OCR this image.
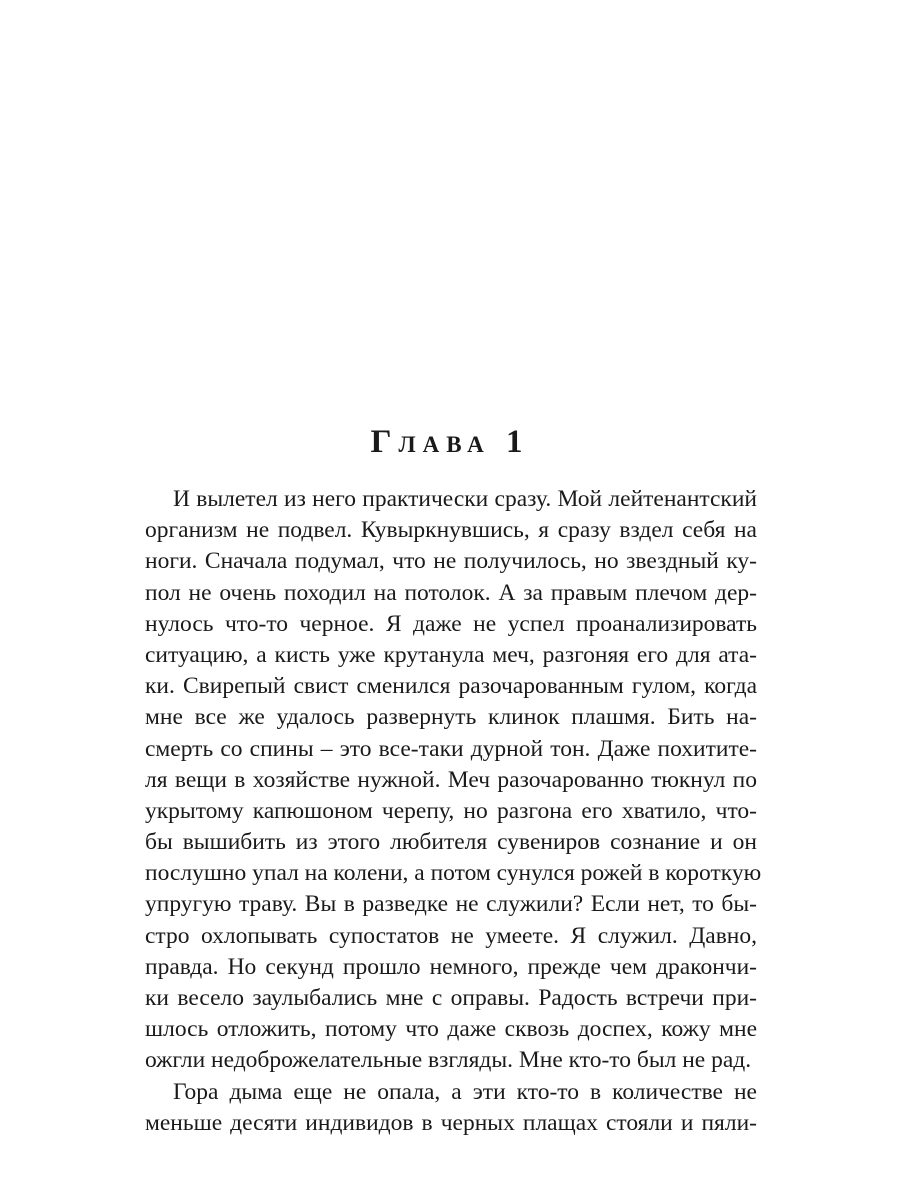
Глава 1
И вылетел из него практически сразу. Мой лейтенантский
организм не подвел. Кувыркнувшись, я сразу вздел себя на
ноги. Сначала подумал, что не получилось, но звездный ку-
пол не очень походил на потолок. А за правым плечом дер-
нулось что-то черное. Я даже не успел проанализировать
ситуацию, а кисть уже крутанула меч, разгоняя его для ата-
ки. Свирепый свист сменился разочарованным гулом, когда
мне все же удалось развернуть клинок плашмя. Бить на-
смерть со спины – это все-таки дурной тон. Даже похитите-
ля вещи в хозяйстве нужной. Меч разочарованно тюкнул по
укрытому капюшоном черепу, но разгона его хватило, что-
бы вышибить из этого любителя сувениров сознание и он
послушно упал на колени, а потом сунулся рожей в короткую
упругую траву. Вы в разведке не служили? Если нет, то бы-
стро охлопывать супостатов не умеете. Я служил. Давно,
правда. Но секунд прошло немного, прежде чем дракончи-
ки весело заулыбались мне с оправы. Радость встречи при-
шлось отложить, потому что даже сквозь доспех, кожу мне
ожгли недоброжелательные взгляды. Мне кто-то был не рад.
Гора дыма еще не опала, а эти кто-то в количестве не
меньше десяти индивидов в черных плащах стояли и пяли-
